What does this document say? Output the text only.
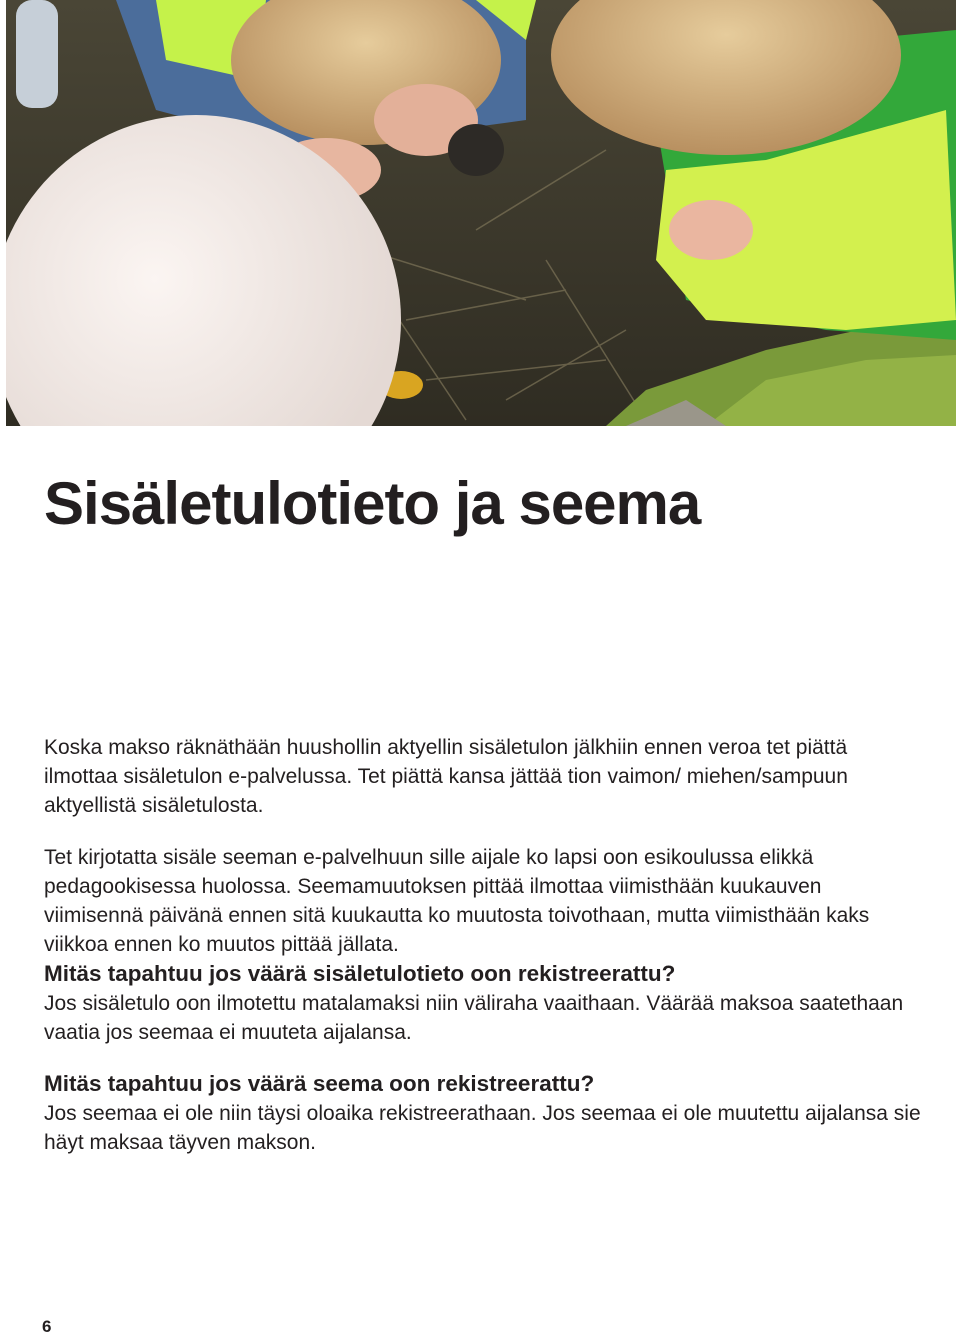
Sisäletulotieto ja seema

Koska makso räknäthään huushollin aktyellin sisäletulon jälkhiin ennen veroa tet piättä ilmottaa sisäletulon e-palvelussa. Tet piättä kansa jättää tion vaimon/ miehen/sampuun aktyellistä sisäletulosta.

Tet kirjotatta sisäle seeman e-palvelhuun sille aijale ko lapsi oon esikoulussa elikkä pedagookisessa huolossa. Seemamuutoksen pittää ilmottaa viimisthään kuukauven viimisennä päivänä ennen sitä kuukautta ko muutosta toivothaan, mutta viimisthään kaks viikkoa ennen ko muutos pittää jällata.

Mitäs tapahtuu jos väärä sisäletulotieto oon rekistreerattu?

Jos sisäletulo oon ilmotettu matalamaksi niin väliraha vaaithaan. Väärää maksoa saatethaan vaatia jos seemaa ei muuteta aijalansa.

Mitäs tapahtuu jos väärä seema oon rekistreerattu?

Jos seemaa ei ole niin täysi oloaika rekistreerathaan. Jos seemaa ei ole muutettu aijalansa sie häyt maksaa täyven makson.

6
